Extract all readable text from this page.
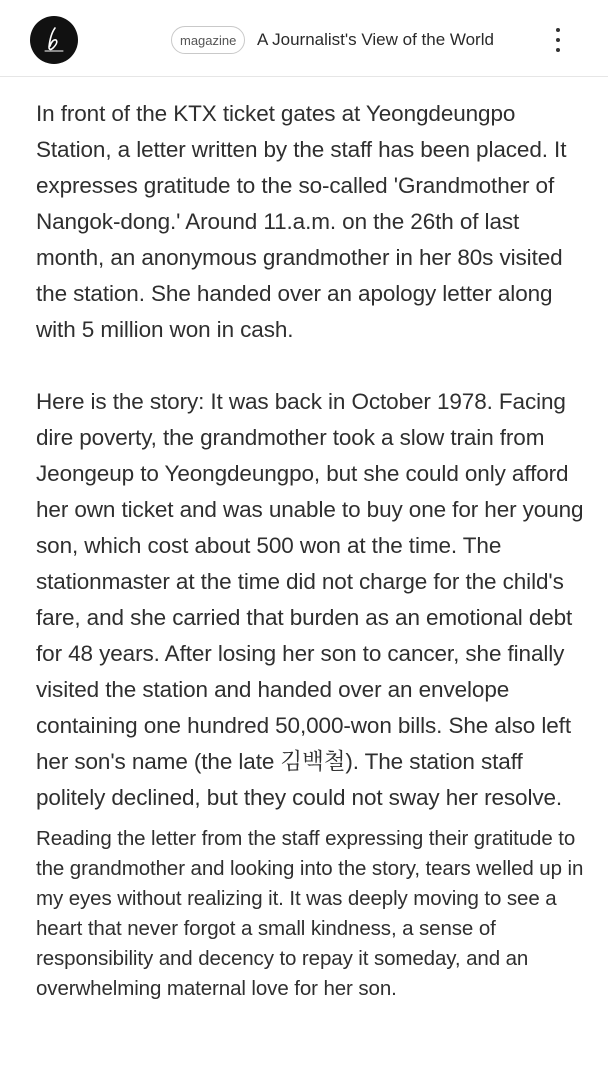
magazine	A Journalist's View of the World

In front of the KTX ticket gates at Yeongdeungpo Station, a letter written by the staff has been placed. It expresses gratitude to the so-called 'Grandmother of Nangok-dong.' Around 11.a.m. on the 26th of last month, an anonymous grandmother in her 80s visited the station. She handed over an apology letter along with 5 million won in cash.

Here is the story: It was back in October 1978. Facing dire poverty, the grandmother took a slow train from Jeongeup to Yeongdeungpo, but she could only afford her own ticket and was unable to buy one for her young son, which cost about 500 won at the time. The stationmaster at the time did not charge for the child's fare, and she carried that burden as an emotional debt for 48 years. After losing her son to cancer, she finally visited the station and handed over an envelope containing one hundred 50,000-won bills. She also left her son's name (the late 김백철). The station staff politely declined, but they could not sway her resolve.

Reading the letter from the staff expressing their gratitude to the grandmother and looking into the story, tears welled up in my eyes without realizing it. It was deeply moving to see a heart that never forgot a small kindness, a sense of responsibility and decency to repay it someday, and an overwhelming maternal love for her son.
